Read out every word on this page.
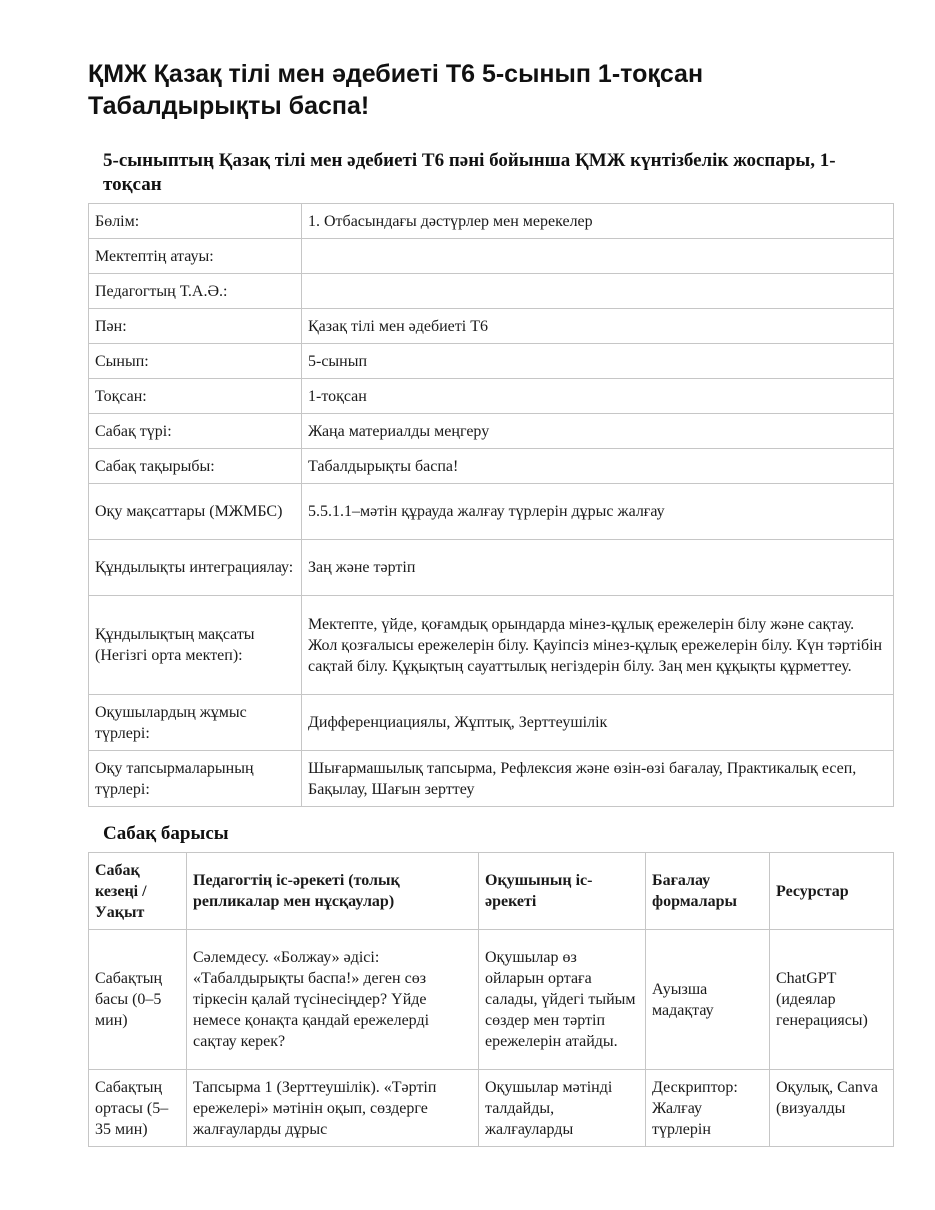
ҚМЖ Қазақ тілі мен әдебиеті Т6 5-сынып 1-тоқсан Табалдырықты баспа!
5-сыныптың Қазақ тілі мен әдебиеті Т6 пәні бойынша ҚМЖ күнтізбелік жоспары, 1-тоқсан
Бөлім:	1. Отбасындағы дәстүрлер мен мерекелер
Мектептің атауы:	
Педагогтың Т.А.Ә.:	
Пән:	Қазақ тілі мен әдебиеті Т6
Сынып:	5-сынып
Тоқсан:	1-тоқсан
Сабақ түрі:	Жаңа материалды меңгеру
Сабақ тақырыбы:	Табалдырықты баспа!
Оқу мақсаттары (МЖМБС)	5.5.1.1–мәтін құрауда жалғау түрлерін дұрыс жалғау
Құндылықты интеграциялау:	Заң және тәртіп
Құндылықтың мақсаты (Негізгі орта мектеп):	Мектепте, үйде, қоғамдық орындарда мінез-құлық ережелерін білу және сақтау. Жол қозғалысы ережелерін білу. Қауіпсіз мінез-құлық ережелерін білу. Күн тәртібін сақтай білу. Құқықтың сауаттылық негіздерін білу. Заң мен құқықты құрметтеу.
Оқушылардың жұмыс түрлері:	Дифференциациялы, Жұптық, Зерттеушілік
Оқу тапсырмаларының түрлері:	Шығармашылық тапсырма, Рефлексия және өзін-өзі бағалау, Практикалық есеп, Бақылау, Шағын зерттеу
Сабақ барысы
Сабақ кезеңі / Уақыт	Педагогтің іс-әрекеті (толық репликалар мен нұсқаулар)	Оқушының іс-әрекеті	Бағалау формалары	Ресурстар
Сабақтың басы (0–5 мин)	Сәлемдесу. «Болжау» әдісі: «Табалдырықты баспа!» деген сөз тіркесін қалай түсінесіңдер? Үйде немесе қонақта қандай ережелерді сақтау керек?	Оқушылар өз ойларын ортаға салады, үйдегі тыйым сөздер мен тәртіп ережелерін атайды.	Ауызша мадақтау	ChatGPT (идеялар генерациясы)

Сабақтың ортасы (5–35 мин)	Тапсырма 1 (Зерттеушілік). «Тәртіп ережелері» мәтінін оқып, сөздерге жалғауларды дұрыс	Оқушылар мәтінді талдайды, жалғауларды	Дескриптор: Жалғау түрлерін	Оқулық, Canva (визуалды
